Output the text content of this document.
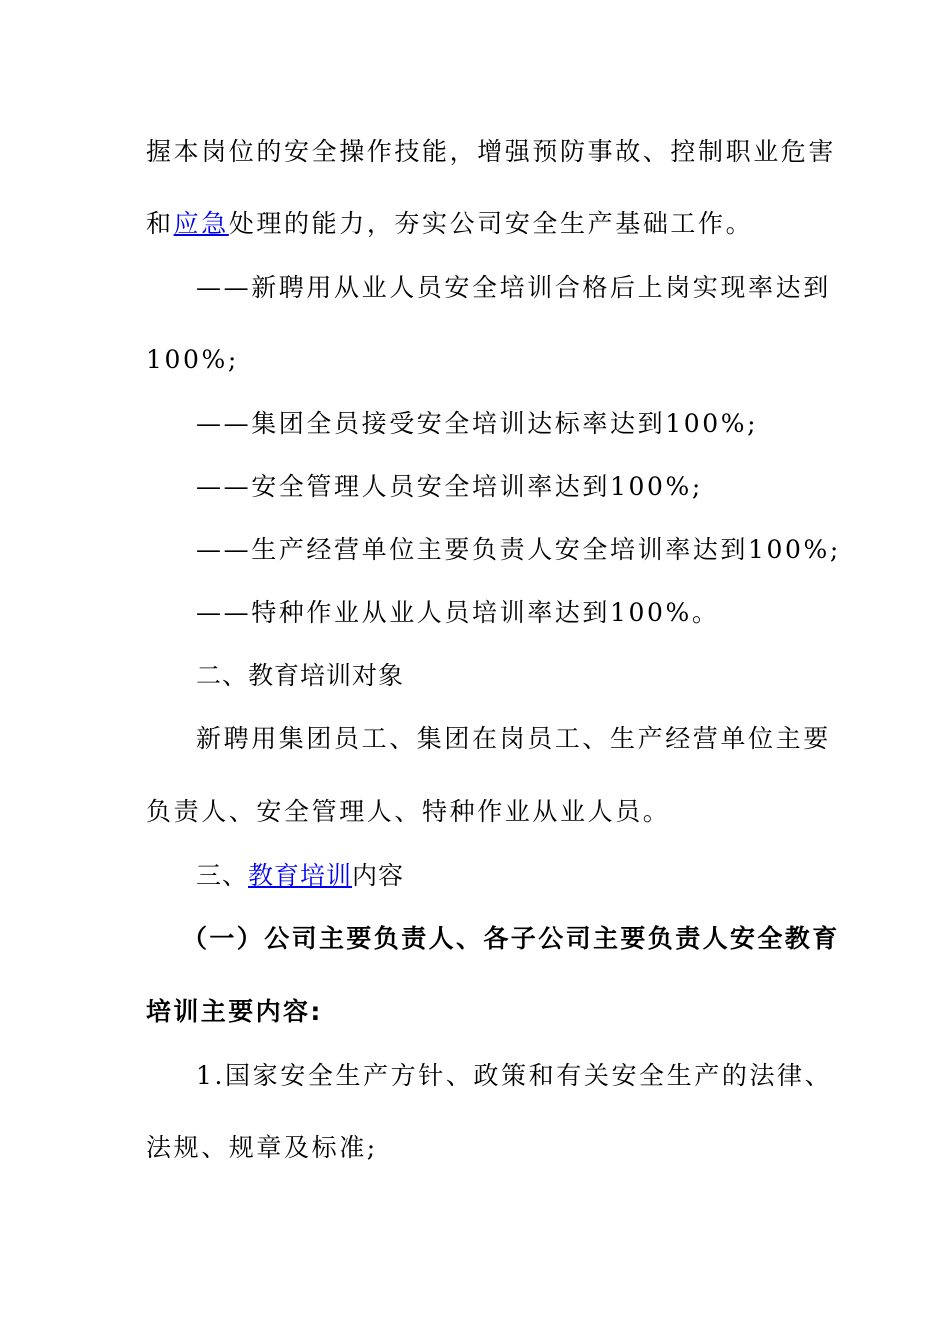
握本岗位的安全操作技能，增强预防事故、控制职业危害
和应急处理的能力，夯实公司安全生产基础工作。
——新聘用从业人员安全培训合格后上岗实现率达到
100%;
——集团全员接受安全培训达标率达到100%;
——安全管理人员安全培训率达到100%;
——生产经营单位主要负责人安全培训率达到100%;
——特种作业从业人员培训率达到100%。
二、教育培训对象
新聘用集团员工、集团在岗员工、生产经营单位主要
负责人、安全管理人、特种作业从业人员。
三、教育培训内容
（一）公司主要负责人、各子公司主要负责人安全教育
培训主要内容:
1.国家安全生产方针、政策和有关安全生产的法律、
法规、规章及标准;
